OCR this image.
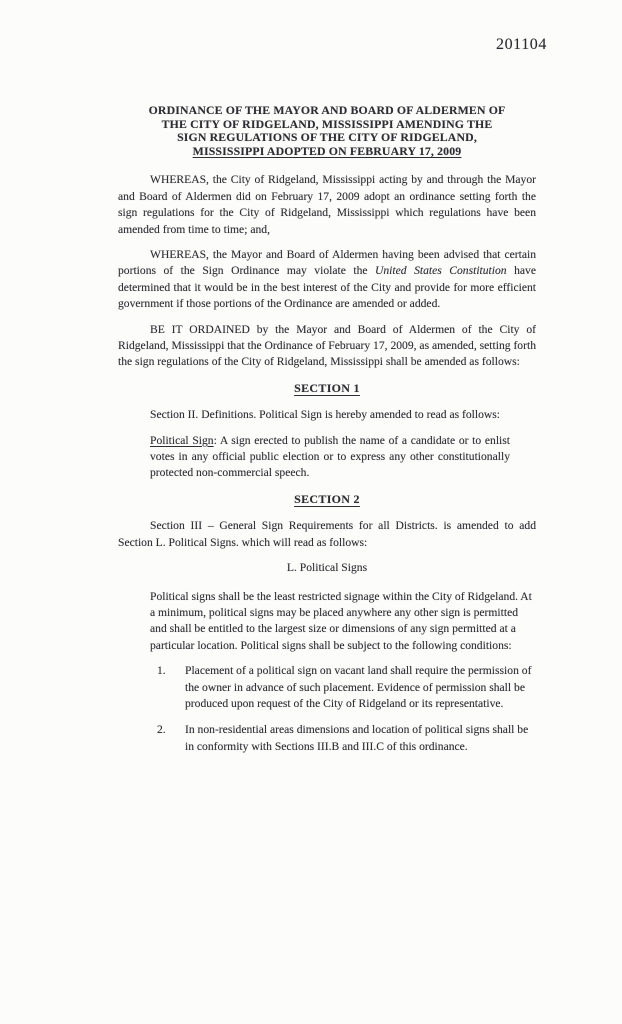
201104
ORDINANCE OF THE MAYOR AND BOARD OF ALDERMEN OF
THE CITY OF RIDGELAND, MISSISSIPPI AMENDING THE
SIGN REGULATIONS OF THE CITY OF RIDGELAND,
MISSISSIPPI ADOPTED ON FEBRUARY 17, 2009

WHEREAS, the City of Ridgeland, Mississippi acting by and through the Mayor and Board of Aldermen did on February 17, 2009 adopt an ordinance setting forth the sign regulations for the City of Ridgeland, Mississippi which regulations have been amended from time to time; and,

WHEREAS, the Mayor and Board of Aldermen having been advised that certain portions of the Sign Ordinance may violate the United States Constitution have determined that it would be in the best interest of the City and provide for more efficient government if those portions of the Ordinance are amended or added.

BE IT ORDAINED by the Mayor and Board of Aldermen of the City of Ridgeland, Mississippi that the Ordinance of February 17, 2009, as amended, setting forth the sign regulations of the City of Ridgeland, Mississippi shall be amended as follows:

SECTION 1

Section II. Definitions. Political Sign is hereby amended to read as follows:

Political Sign: A sign erected to publish the name of a candidate or to enlist votes in any official public election or to express any other constitutionally protected non-commercial speech.

SECTION 2

Section III – General Sign Requirements for all Districts. is amended to add Section L. Political Signs. which will read as follows:

L. Political Signs

Political signs shall be the least restricted signage within the City of Ridgeland. At a minimum, political signs may be placed anywhere any other sign is permitted and shall be entitled to the largest size or dimensions of any sign permitted at a particular location. Political signs shall be subject to the following conditions:

1.	Placement of a political sign on vacant land shall require the permission of the owner in advance of such placement. Evidence of permission shall be produced upon request of the City of Ridgeland or its representative.
2.	In non-residential areas dimensions and location of political signs shall be in conformity with Sections III.B and III.C of this ordinance.
